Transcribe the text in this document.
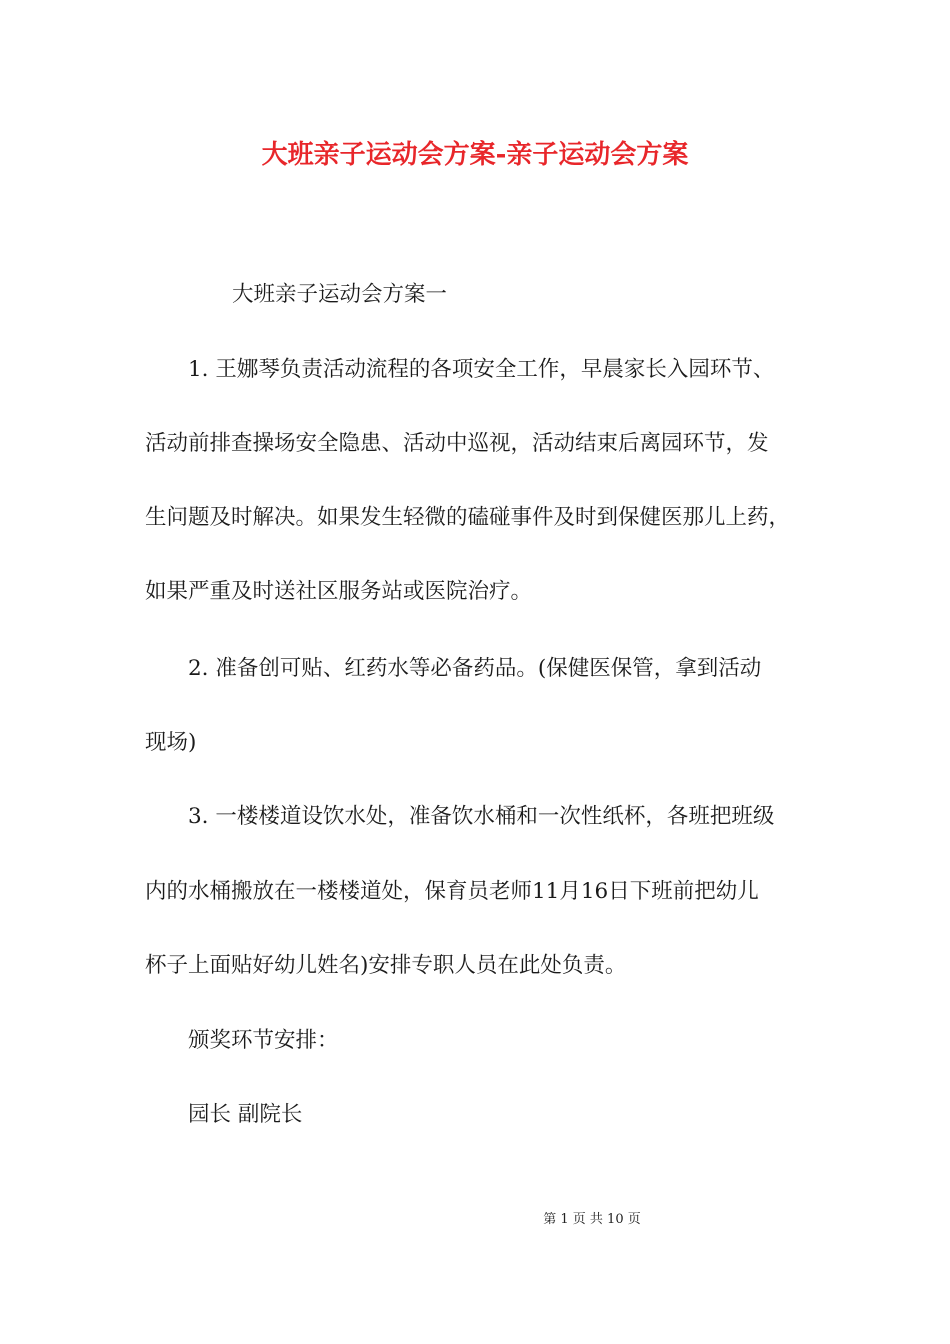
大班亲子运动会方案-亲子运动会方案
大班亲子运动会方案一
1. 王娜琴负责活动流程的各项安全工作，早晨家长入园环节、
活动前排查操场安全隐患、活动中巡视，活动结束后离园环节，发
生问题及时解决。如果发生轻微的磕碰事件及时到保健医那儿上药，
如果严重及时送社区服务站或医院治疗。
2. 准备创可贴、红药水等必备药品。(保健医保管，拿到活动
现场)
3. 一楼楼道设饮水处，准备饮水桶和一次性纸杯，各班把班级
内的水桶搬放在一楼楼道处，保育员老师11月16日下班前把幼儿
杯子上面贴好幼儿姓名)安排专职人员在此处负责。
颁奖环节安排：
园长 副院长
第 1 页 共 10 页
